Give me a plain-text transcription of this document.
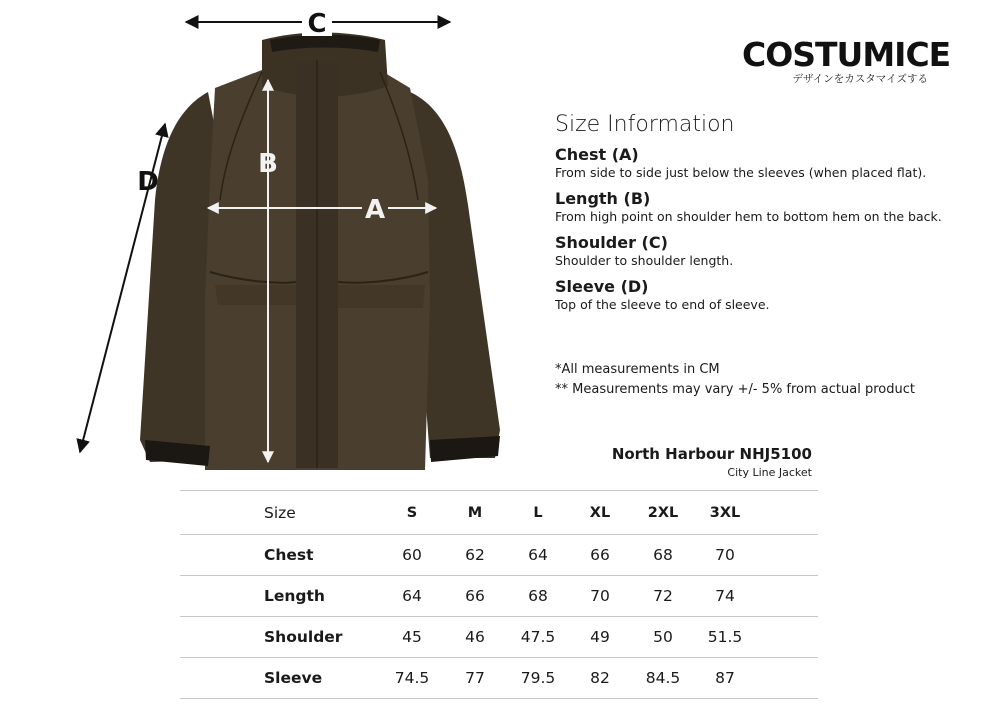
C
B
A
D
COSTUMICE
デザインをカスタマイズする
Size Information
Chest (A)
From side to side just below the sleeves (when placed flat).
Length (B)
From high point on shoulder hem to bottom hem on the back.
Shoulder (C)
Shoulder to shoulder length.
Sleeve (D)
Top of the sleeve to end of sleeve.
*All measurements in CM
** Measurements may vary +/- 5% from actual product
North Harbour NHJ5100
City Line Jacket
Size	S	M	L	XL	2XL	3XL
Chest	60	62	64	66	68	70
Length	64	66	68	70	72	74
Shoulder	45	46	47.5	49	50	51.5
Sleeve	74.5	77	79.5	82	84.5	87
